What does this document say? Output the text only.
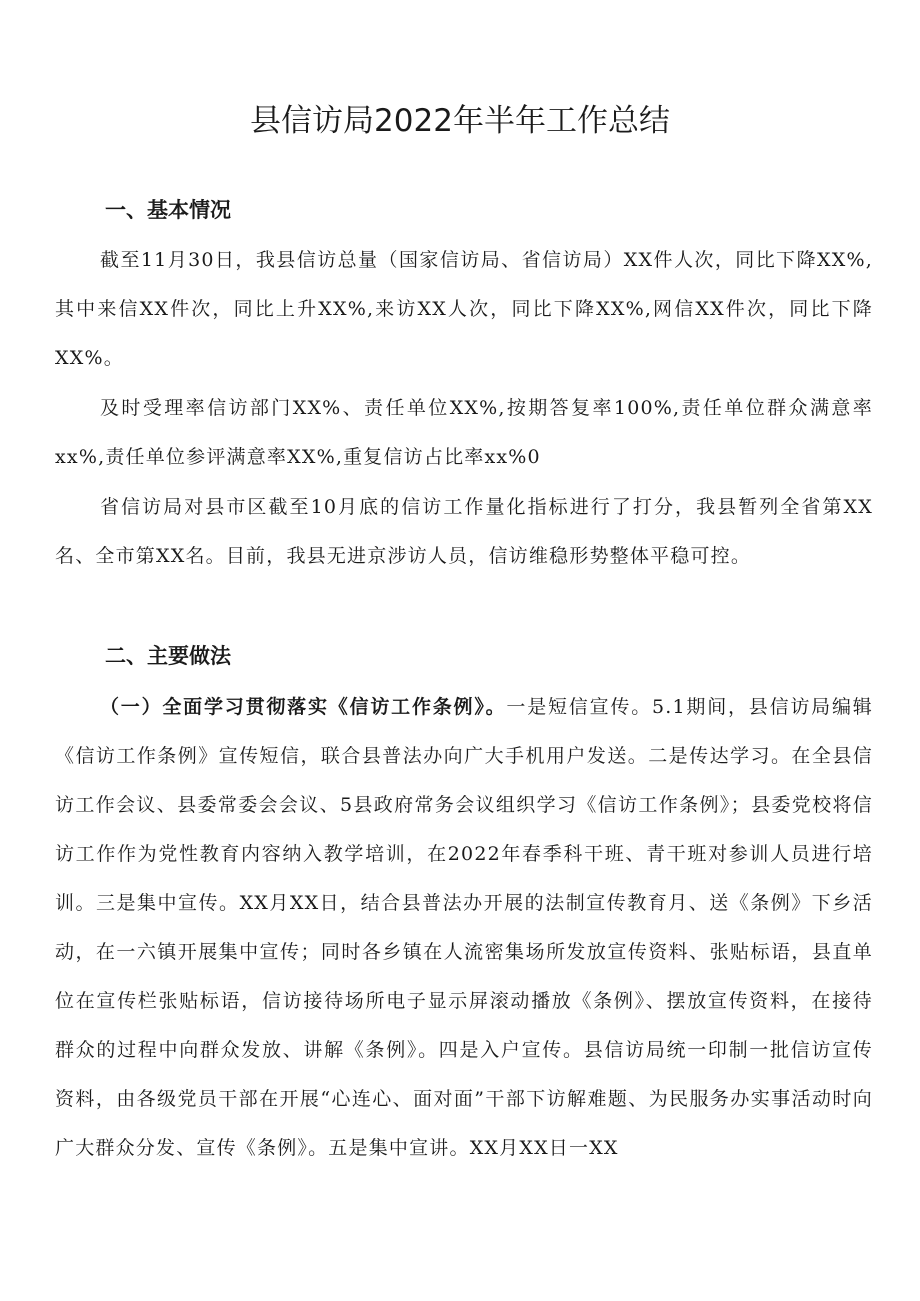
县信访局2022年半年工作总结
一、基本情况

截至11月30日，我县信访总量（国家信访局、省信访局）XX件人次，同比下降XX%,其中来信XX件次，同比上升XX%,来访XX人次，同比下降XX%,网信XX件次，同比下降XX%。

及时受理率信访部门XX%、责任单位XX%,按期答复率100%,责任单位群众满意率xx%,责任单位参评满意率XX%,重复信访占比率xx%0

省信访局对县市区截至10月底的信访工作量化指标进行了打分，我县暂列全省第XX名、全市第XX名。目前，我县无进京涉访人员，信访维稳形势整体平稳可控。

二、主要做法

（一）全面学习贯彻落实《信访工作条例》。一是短信宣传。5.1期间，县信访局编辑《信访工作条例》宣传短信，联合县普法办向广大手机用户发送。二是传达学习。在全县信访工作会议、县委常委会会议、5县政府常务会议组织学习《信访工作条例》；县委党校将信访工作作为党性教育内容纳入教学培训，在2022年春季科干班、青干班对参训人员进行培训。三是集中宣传。XX月XX日，结合县普法办开展的法制宣传教育月、送《条例》下乡活动，在一六镇开展集中宣传；同时各乡镇在人流密集场所发放宣传资料、张贴标语，县直单位在宣传栏张贴标语，信访接待场所电子显示屏滚动播放《条例》、摆放宣传资料，在接待群众的过程中向群众发放、讲解《条例》。四是入户宣传。县信访局统一印制一批信访宣传资料，由各级党员干部在开展“心连心、面对面”干部下访解难题、为民服务办实事活动时向广大群众分发、宣传《条例》。五是集中宣讲。XX月XX日一XX
